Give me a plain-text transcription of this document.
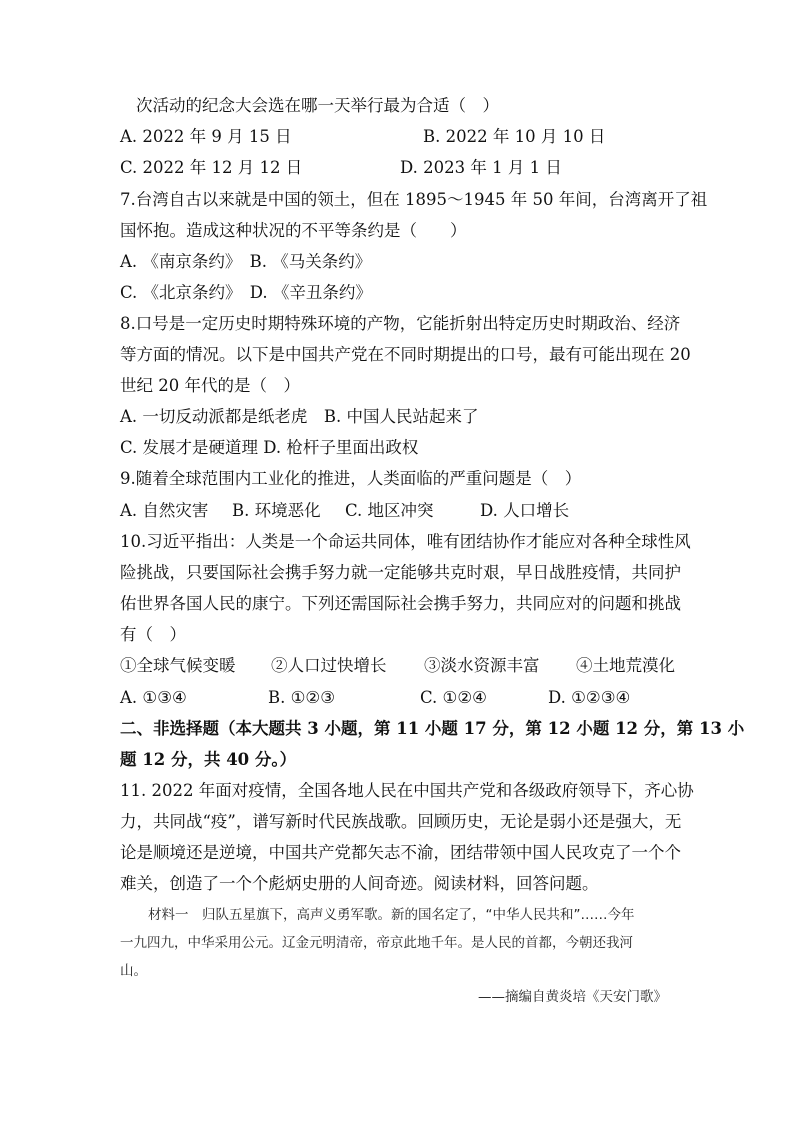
次活动的纪念大会选在哪一天举行最为合适（　）
A. 2022 年 9 月 15 日	B. 2022 年 10 月 10 日
C. 2022 年 12 月 12 日	D. 2023 年 1 月 1 日
7.台湾自古以来就是中国的领土，但在 1895～1945 年 50 年间，台湾离开了祖
国怀抱。造成这种状况的不平等条约是（　　）
A. 《南京条约》　B. 《马关条约》
C. 《北京条约》　D. 《辛丑条约》
8.口号是一定历史时期特殊环境的产物，它能折射出特定历史时期政治、经济
等方面的情况。以下是中国共产党在不同时期提出的口号，最有可能出现在 20
世纪 20 年代的是（　）
A. 一切反动派都是纸老虎　B. 中国人民站起来了
C. 发展才是硬道理 D. 枪杆子里面出政权
9.随着全球范围内工业化的推进，人类面临的严重问题是（　）
A. 自然灾害 B. 环境恶化 C. 地区冲突	D. 人口增长
10.习近平指出：人类是一个命运共同体，唯有团结协作才能应对各种全球性风
险挑战，只要国际社会携手努力就一定能够共克时艰，早日战胜疫情，共同护
佑世界各国人民的康宁。下列还需国际社会携手努力，共同应对的问题和挑战
有（　）
①全球气候变暖 ②人口过快增长 ③淡水资源丰富 ④土地荒漠化
A. ①③④	B. ①②③	C. ①②④	D. ①②③④
二、非选择题（本大题共 3 小题，第 11 小题 17 分，第 12 小题 12 分，第 13 小
题 12 分，共 40 分。）
11. 2022 年面对疫情，全国各地人民在中国共产党和各级政府领导下，齐心协
力，共同战“疫”，谱写新时代民族战歌。回顾历史，无论是弱小还是强大，无
论是顺境还是逆境，中国共产党都矢志不渝，团结带领中国人民攻克了一个个
难关，创造了一个个彪炳史册的人间奇迹。阅读材料，回答问题。
材料一　归队五星旗下，高声义勇军歌。新的国名定了，“中华人民共和”……今年
一九四九，中华采用公元。辽金元明清帝，帝京此地千年。是人民的首都，今朝还我河
山。
——摘编自黄炎培《天安门歌》
